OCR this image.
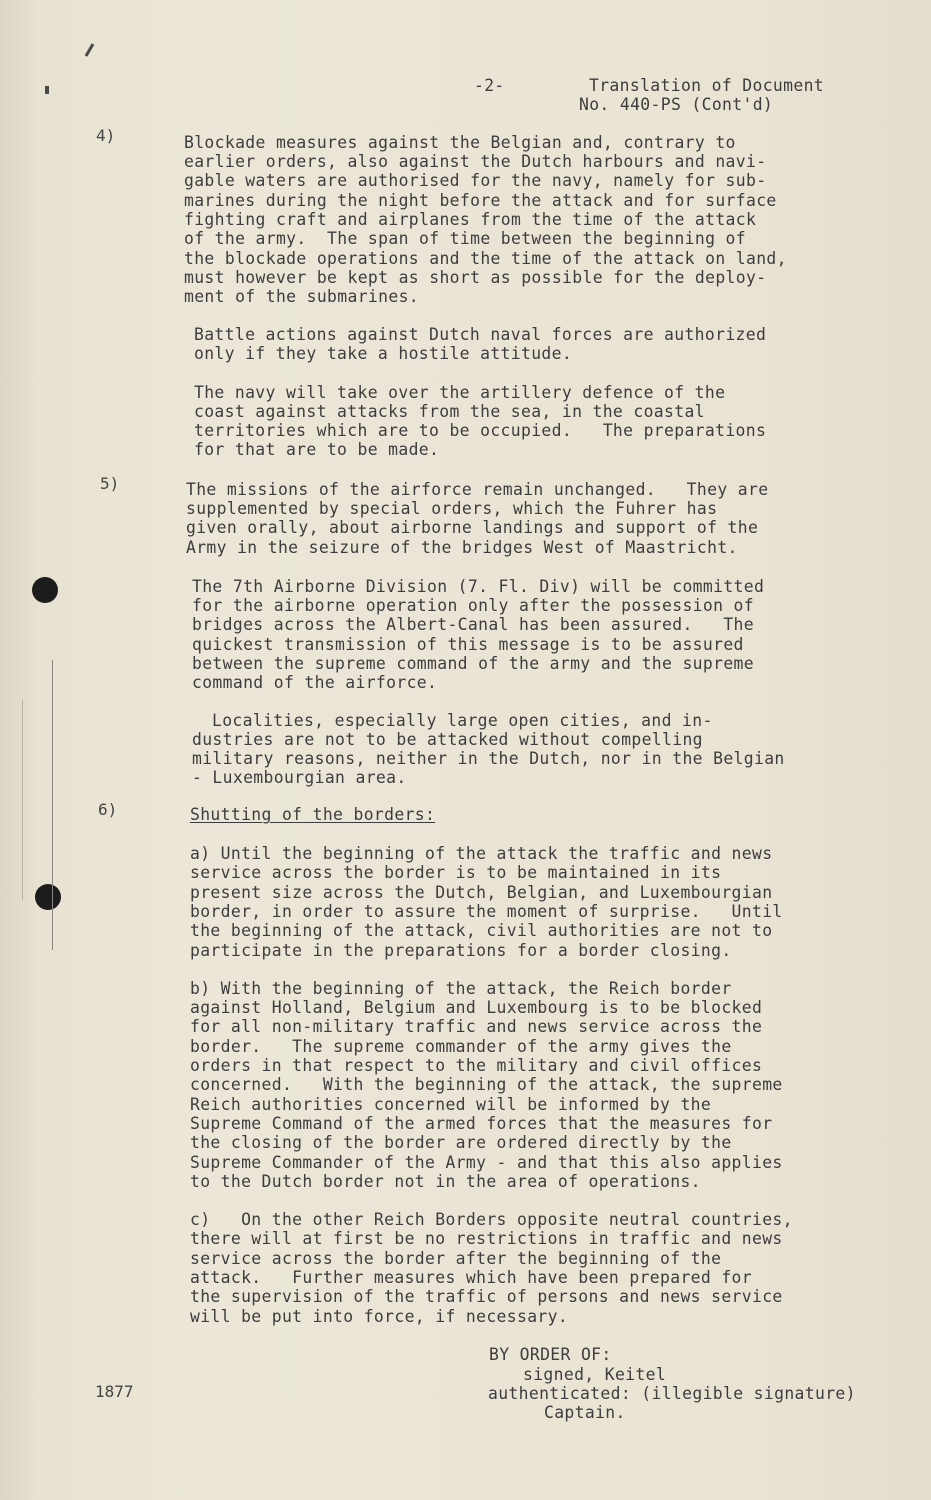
-2-	Translation of Document
No. 440-PS (Cont'd)
4)	Blockade measures against the Belgian and, contrary to
earlier orders, also against the Dutch harbours and navi-
gable waters are authorised for the navy, namely for sub-
marines during the night before the attack and for surface
fighting craft and airplanes from the time of the attack
of the army.  The span of time between the beginning of
the blockade operations and the time of the attack on land,
must however be kept as short as possible for the deploy-
ment of the submarines.
Battle actions against Dutch naval forces are authorized
only if they take a hostile attitude.
The navy will take over the artillery defence of the
coast against attacks from the sea, in the coastal
territories which are to be occupied.   The preparations
for that are to be made.
5)	The missions of the airforce remain unchanged.   They are
supplemented by special orders, which the Fuhrer has
given orally, about airborne landings and support of the
Army in the seizure of the bridges West of Maastricht.
The 7th Airborne Division (7. Fl. Div) will be committed
for the airborne operation only after the possession of
bridges across the Albert-Canal has been assured.   The
quickest transmission of this message is to be assured
between the supreme command of the army and the supreme
command of the airforce.
Localities, especially large open cities, and in-
dustries are not to be attacked without compelling
military reasons, neither in the Dutch, nor in the Belgian
- Luxembourgian area.
6)	Shutting of the borders:
a) Until the beginning of the attack the traffic and news
service across the border is to be maintained in its
present size across the Dutch, Belgian, and Luxembourgian
border, in order to assure the moment of surprise.   Until
the beginning of the attack, civil authorities are not to
participate in the preparations for a border closing.
b) With the beginning of the attack, the Reich border
against Holland, Belgium and Luxembourg is to be blocked
for all non-military traffic and news service across the
border.   The supreme commander of the army gives the
orders in that respect to the military and civil offices
concerned.   With the beginning of the attack, the supreme
Reich authorities concerned will be informed by the
Supreme Command of the armed forces that the measures for
the closing of the border are ordered directly by the
Supreme Commander of the Army - and that this also applies
to the Dutch border not in the area of operations.
c)   On the other Reich Borders opposite neutral countries,
there will at first be no restrictions in traffic and news
service across the border after the beginning of the
attack.   Further measures which have been prepared for
the supervision of the traffic of persons and news service
will be put into force, if necessary.
BY ORDER OF:
signed, Keitel
authenticated: (illegible signature)
Captain.
1877
